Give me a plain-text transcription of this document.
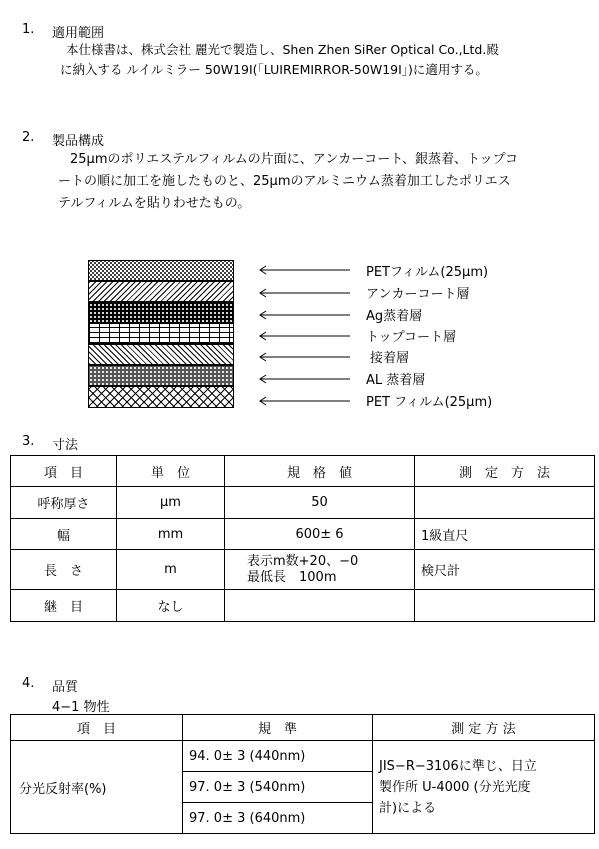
1. 適用範囲
本仕様書は、株式会社 麗光で製造し、Shen Zhen SiRer Optical Co.,Ltd.殿
に納入する ルイルミラー 50W19I(「LUIREMIRROR-50W19I」)に適用する。
2. 製品構成
25μmのポリエステルフィルムの片面に、アンカーコート、銀蒸着、トップコ
ートの順に加工を施したものと、25μmのアルミニウム蒸着加工したポリエス
テルフィルムを貼りわせたもの。
PETフィルム(25μm)
アンカーコート層
Ag蒸着層
トップコート層
接着層
AL 蒸着層
PET フィルム(25μm)
3. 寸法
項　目	単　位	規　格　値	測　定　方　法
呼称厚さ	μm	50	
幅	mm	600± 6	1級直尺
長　さ	m	表示m数+20、−0
最低長　100m	検尺計
継　目	なし		
4. 品質
4−1 物性
項　目	規　準	測 定 方 法
分光反射率(%)	94. 0± 3 (440nm)	JIS−R−3106に準じ、日立
製作所 U-4000 (分光光度
計)による

	97. 0± 3 (540nm)	
	97. 0± 3 (640nm)	
